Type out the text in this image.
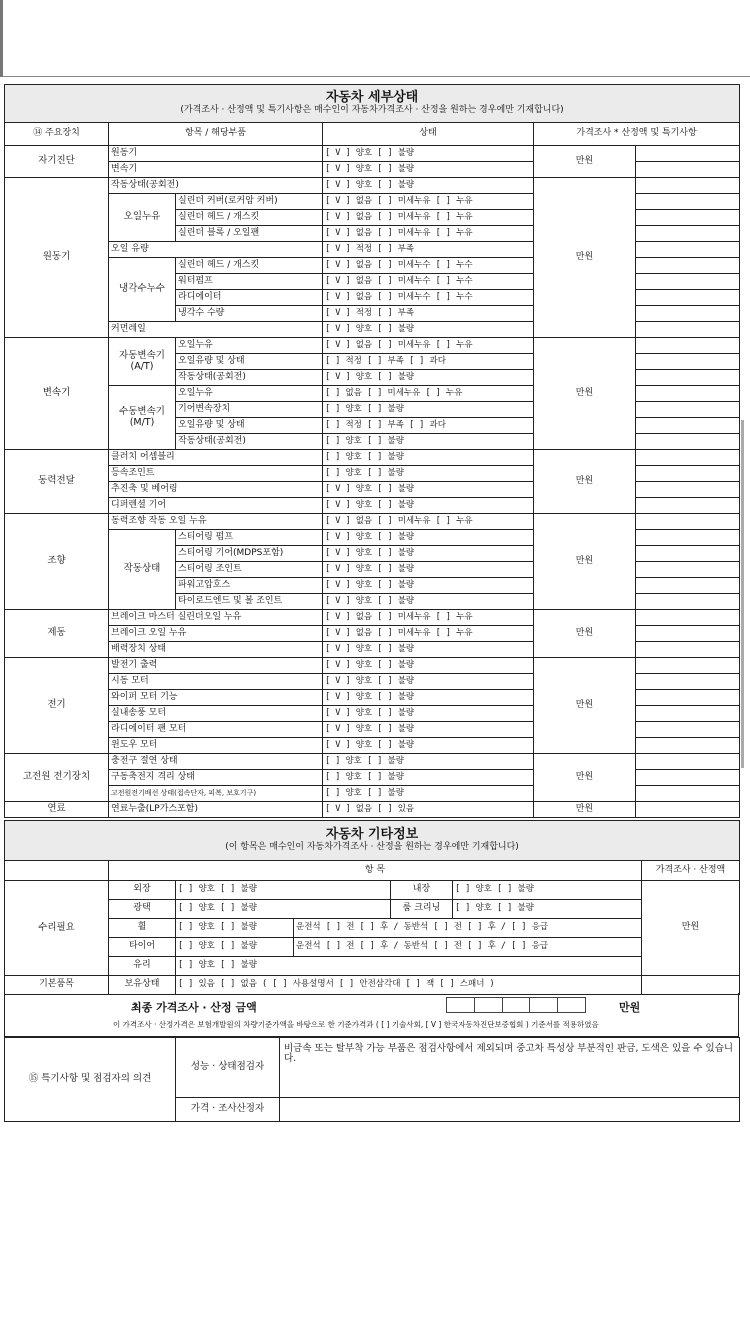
자동차 세부상태
(가격조사 · 산정액 및 특기사항은 매수인이 자동차가격조사 · 산정을 원하는 경우에만 기재합니다)					

⑭ 주요장치	항목 / 해당부품		상태	가격조사 * 산정액 및 특기사항	
자기진단	원동기		[ V ] 양호 [ ] 불량	만원	
	변속기		[ V ] 양호 [ ] 불량		
원동기	작동상태(공회전)		[ V ] 양호 [ ] 불량	만원	
	오일누유	실린더 커버(로커암 커버)	[ V ] 없음 [ ] 미세누유 [ ] 누유		
		실린더 헤드 / 개스킷	[ V ] 없음 [ ] 미세누유 [ ] 누유		
		실린더 블록 / 오일팬	[ V ] 없음 [ ] 미세누유 [ ] 누유		
	오일 유량		[ V ] 적정 [ ] 부족		
	냉각수누수	실린더 헤드 / 개스킷	[ V ] 없음 [ ] 미세누수 [ ] 누수		
		워터펌프	[ V ] 없음 [ ] 미세누수 [ ] 누수		
		라디에이터	[ V ] 없음 [ ] 미세누수 [ ] 누수		
		냉각수 수량	[ V ] 적정 [ ] 부족		
	커먼레일		[ V ] 양호 [ ] 불량		
변속기	자동변속기 (A/T)	오일누유	[ V ] 없음 [ ] 미세누유 [ ] 누유	만원	
		오일유량 및 상태	[ ] 적정 [ ] 부족 [ ] 과다		
		작동상태(공회전)	[ V ] 양호 [ ] 불량		
	수동변속기 (M/T)	오일누유	[ ] 없음 [ ] 미세누유 [ ] 누유		
		기어변속장치	[ ] 양호 [ ] 불량		
		오일유량 및 상태	[ ] 적정 [ ] 부족 [ ] 과다		
		작동상태(공회전)	[ ] 양호 [ ] 불량		
동력전달	클러치 어셈블리		[ ] 양호 [ ] 불량	만원	
	등속조인트		[ ] 양호 [ ] 불량		
	추진축 및 베어링		[ V ] 양호 [ ] 불량		
	디퍼렌셜 기어		[ V ] 양호 [ ] 불량		
조향	동력조향 작동 오일 누유		[ V ] 없음 [ ] 미세누유 [ ] 누유	만원	
	작동상태	스티어링 펌프	[ V ] 양호 [ ] 불량		
		스티어링 기어(MDPS포함)	[ V ] 양호 [ ] 불량		
		스티어링 조인트	[ V ] 양호 [ ] 불량		
		파워고압호스	[ V ] 양호 [ ] 불량		
		타이로드엔드 및 볼 조인트	[ V ] 양호 [ ] 불량		
제동	브레이크 마스터 실린더오일 누유		[ V ] 없음 [ ] 미세누유 [ ] 누유	만원	
	브레이크 오일 누유		[ V ] 없음 [ ] 미세누유 [ ] 누유		
	배력장치 상태		[ V ] 양호 [ ] 불량		
전기	발전기 출력		[ V ] 양호 [ ] 불량	만원	
	시동 모터		[ V ] 양호 [ ] 불량		
	와이퍼 모터 기능		[ V ] 양호 [ ] 불량		
	실내송풍 모터		[ V ] 양호 [ ] 불량		
	라디에이터 팬 모터		[ V ] 양호 [ ] 불량		
	윈도우 모터		[ V ] 양호 [ ] 불량		
고전원 전기장치	충전구 절연 상태		[ ] 양호 [ ] 불량	만원	
	구동축전지 격리 상태		[ ] 양호 [ ] 불량		
	고전원전기배선 상태(접속단자, 피복, 보호기구)		[ ] 양호 [ ] 불량		
연료	연료누출(LP가스포함)		[ V ] 없음 [ ] 있음	만원	
자동차 기타정보
(이 항목은 매수인이 자동차가격조사 · 산정을 원하는 경우에만 기재합니다)						

	항 목					가격조사 · 산정액
수리필요	외장	[ ] 양호 [ ] 불량		내장	[ ] 양호 [ ] 불량	만원
	광택	[ ] 양호 [ ] 불량		룸 크리닝	[ ] 양호 [ ] 불량	
	휠	[ ] 양호 [ ] 불량	운전석 [ ] 전 [ ] 후 / 동반석 [ ] 전 [ ] 후 / [ ] 응급			
	타이어	[ ] 양호 [ ] 불량	운전석 [ ] 전 [ ] 후 / 동반석 [ ] 전 [ ] 후 / [ ] 응급			
	유리	[ ] 양호 [ ] 불량				
기본품목	보유상태	[ ] 있음 [ ] 없음 ( [ ] 사용설명서 [ ] 안전삼각대 [ ] 잭 [ ] 스패너 )				
최종 가격조사 · 산정 금액	만원
이 가격조사 · 산정가격은 보험개발원의 차량기준가액을 바탕으로 한 기준가격과 ( [ ] 기술사회, [ V ] 한국자동차진단보증협회 ) 기준서를 적용하였음
⑮ 특기사항 및 점검자의 의견	성능 · 상태점검자	비금속 또는 탈부착 가능 부품은 점검사항에서 제외되며 중고차 특성상 부분적인 판금, 도색은 있을 수 있습니다.
	가격 · 조사산정자	
